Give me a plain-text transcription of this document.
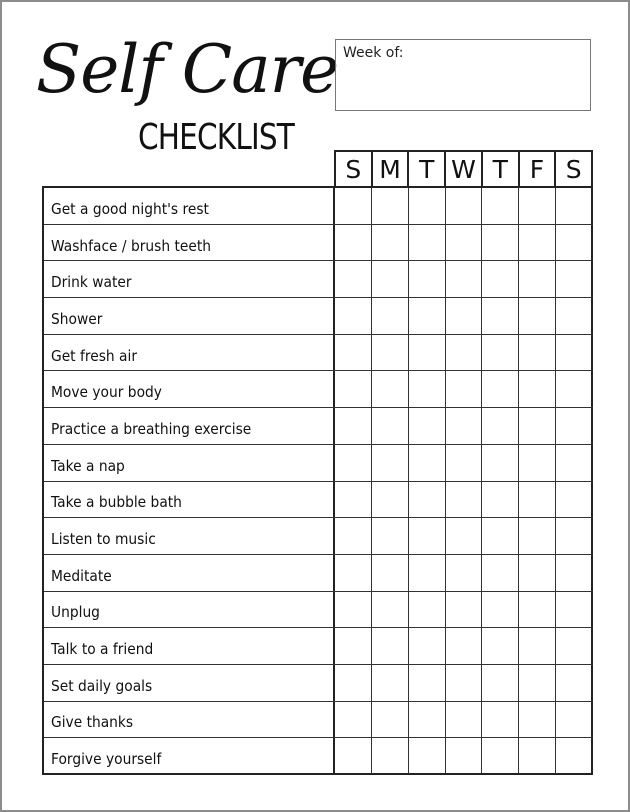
Self Care
CHECKLIST
Week of:
S M T W T F S
Get a good night's rest
Washface / brush teeth
Drink water
Shower
Get fresh air
Move your body
Practice a breathing exercise
Take a nap
Take a bubble bath
Listen to music
Meditate
Unplug
Talk to a friend
Set daily goals
Give thanks
Forgive yourself
